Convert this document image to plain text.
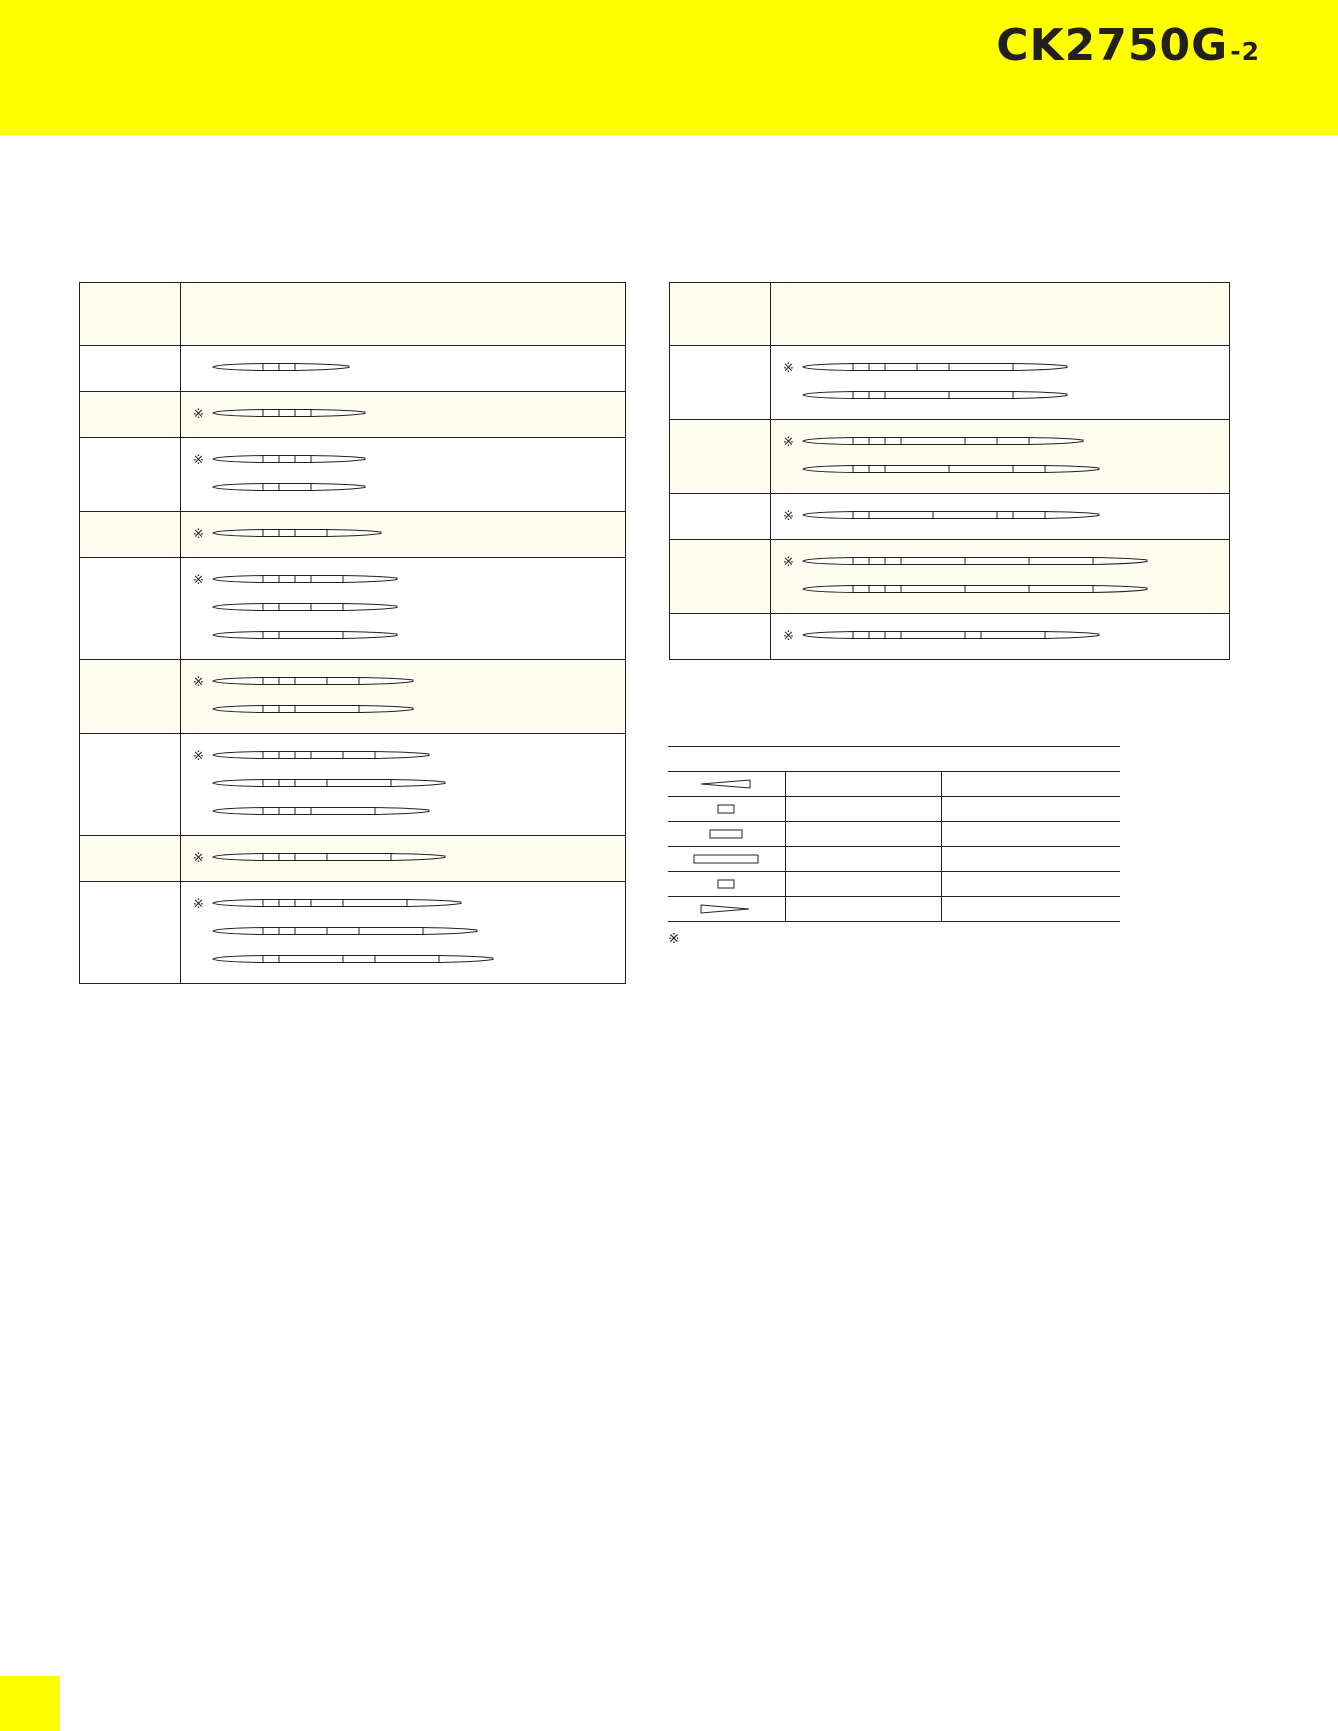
CK2750G-2

	※

	※

	※

	※

	※

	※

	※

	※

	※

	※

	※

	※

	※
※
